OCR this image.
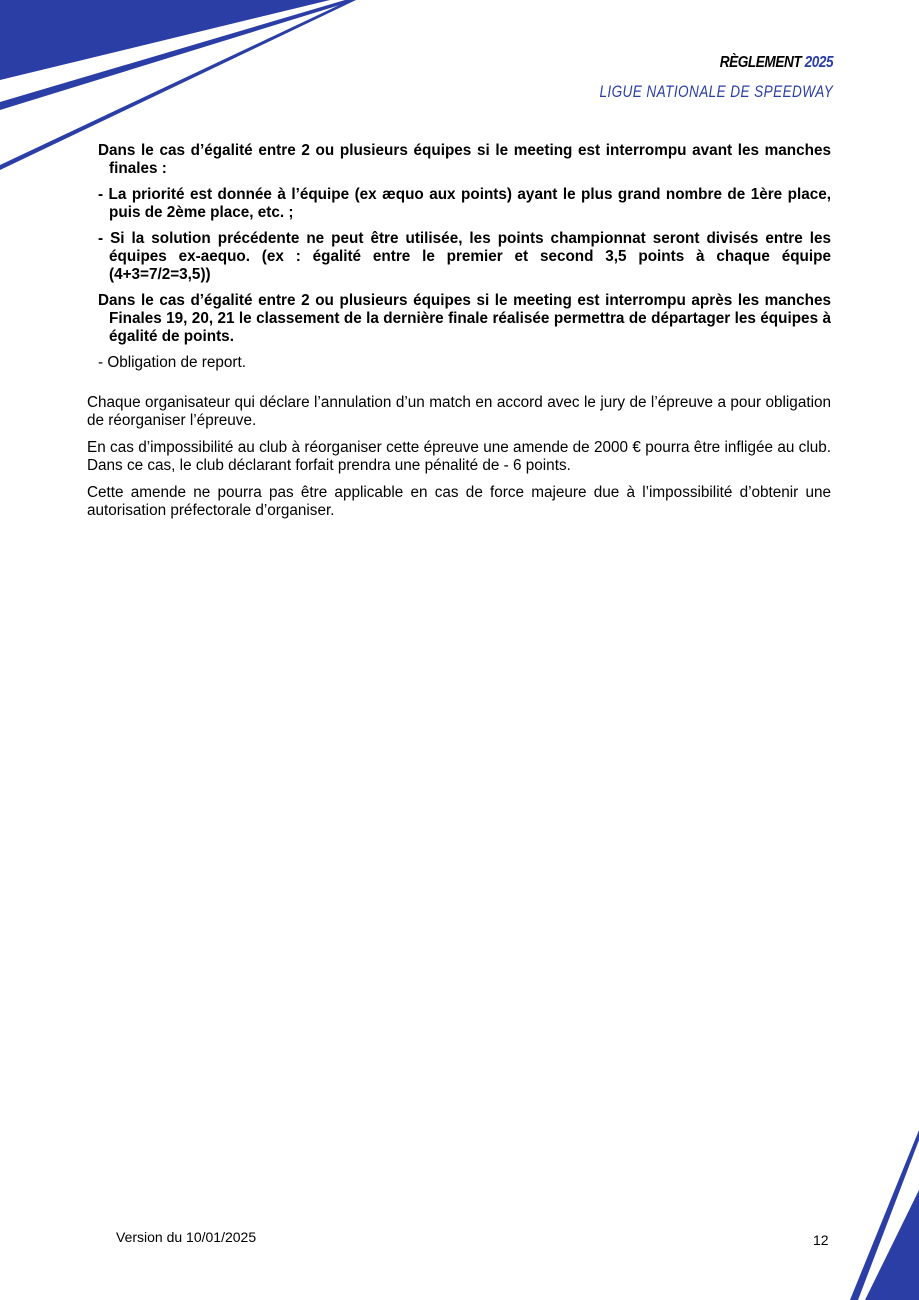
RÈGLEMENT 2025
LIGUE NATIONALE DE SPEEDWAY

Dans le cas d’égalité entre 2 ou plusieurs équipes si le meeting est interrompu avant les manches finales :

- La priorité est donnée à l’équipe (ex æquo aux points) ayant le plus grand nombre de 1ère place, puis de 2ème place, etc. ;

- Si la solution précédente ne peut être utilisée, les points championnat seront divisés entre les équipes ex-aequo. (ex : égalité entre le premier et second 3,5 points à chaque équipe (4+3=7/2=3,5))

Dans le cas d’égalité entre 2 ou plusieurs équipes si le meeting est interrompu après les manches Finales 19, 20, 21 le classement de la dernière finale réalisée permettra de départager les équipes à égalité de points.

- Obligation de report.

Chaque organisateur qui déclare l’annulation d’un match en accord avec le jury de l’épreuve a pour obligation de réorganiser l’épreuve.

En cas d’impossibilité au club à réorganiser cette épreuve une amende de 2000 € pourra être infligée au club. Dans ce cas, le club déclarant forfait prendra une pénalité de - 6 points.

Cette amende ne pourra pas être applicable en cas de force majeure due à l’impossibilité d’obtenir une autorisation préfectorale d’organiser.

Version du 10/01/2025	12
